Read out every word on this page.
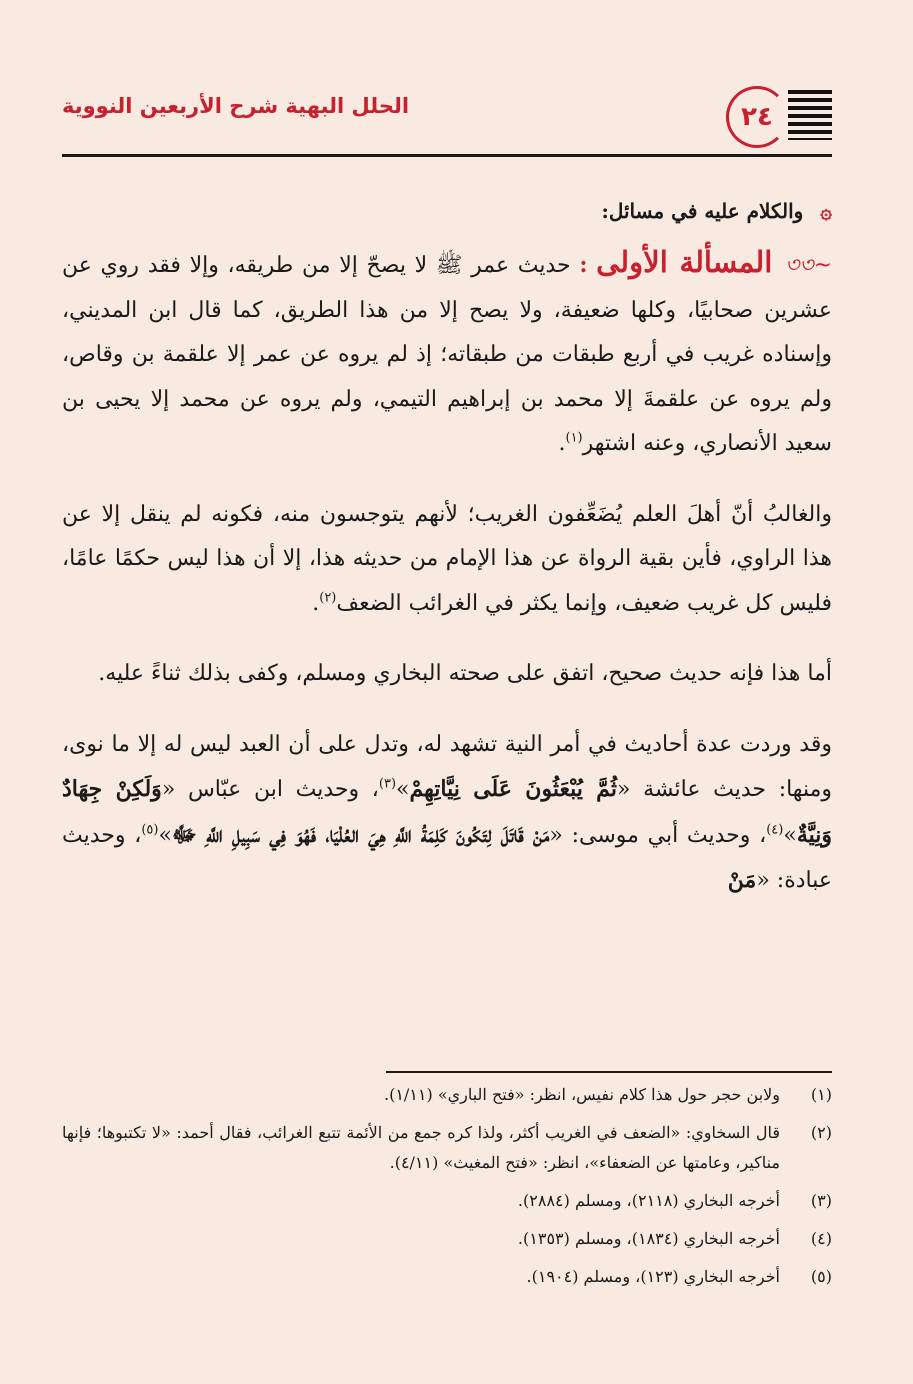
٢٤
الحلل البهية شرح الأربعين النووية

۞ والكلام عليه في مسائل:

~৩৩ المسألة الأولى : حديث عمر ﷺ لا يصحّ إلا من طريقه، وإلا فقد روي عن عشرين صحابيًا، وكلها ضعيفة، ولا يصح إلا من هذا الطريق، كما قال ابن المديني، وإسناده غريب في أربع طبقات من طبقاته؛ إذ لم يروه عن عمر إلا علقمة بن وقاص، ولم يروه عن علقمةَ إلا محمد بن إبراهيم التيمي، ولم يروه عن محمد إلا يحيى بن سعيد الأنصاري، وعنه اشتهر$^{(١)}$.

والغالبُ أنّ أهلَ العلم يُضَعِّفون الغريب؛ لأنهم يتوجسون منه، فكونه لم ينقل إلا عن هذا الراوي، فأين بقية الرواة عن هذا الإمام من حديثه هذا، إلا أن هذا ليس حكمًا عامًا، فليس كل غريب ضعيف، وإنما يكثر في الغرائب الضعف$^{(٢)}$.

أما هذا فإنه حديث صحيح، اتفق على صحته البخاري ومسلم، وكفى بذلك ثناءً عليه.

وقد وردت عدة أحاديث في أمر النية تشهد له، وتدل على أن العبد ليس له إلا ما نوى، ومنها: حديث عائشة «ثُمَّ يُبْعَثُونَ عَلَى نِيَّاتِهِمْ»$^{(٣)}$، وحديث ابن عبّاس «وَلَكِنْ جِهَادٌ وَنِيَّةٌ»$^{(٤)}$، وحديث أبي موسى: «مَنْ قَاتَلَ لِتَكُونَ كَلِمَةُ اللَّهِ هِيَ العُلْيَا، فَهُوَ فِي سَبِيلِ اللَّهِ ﷻ»$^{(٥)}$، وحديث عبادة: «مَنْ

(١)
ولابن حجر حول هذا كلام نفيس، انظر: «فتح الباري» (١/١١).
(٢)
قال السخاوي: «الضعف في الغريب أكثر، ولذا كره جمع من الأئمة تتبع الغرائب، فقال أحمد: «لا تكتبوها؛ فإنها مناكير، وعامتها عن الضعفاء»، انظر: «فتح المغيث» (٤/١١).
(٣)
أخرجه البخاري (٢١١٨)، ومسلم (٢٨٨٤).
(٤)
أخرجه البخاري (١٨٣٤)، ومسلم (١٣٥٣).
(٥)
أخرجه البخاري (١٢٣)، ومسلم (١٩٠٤).
